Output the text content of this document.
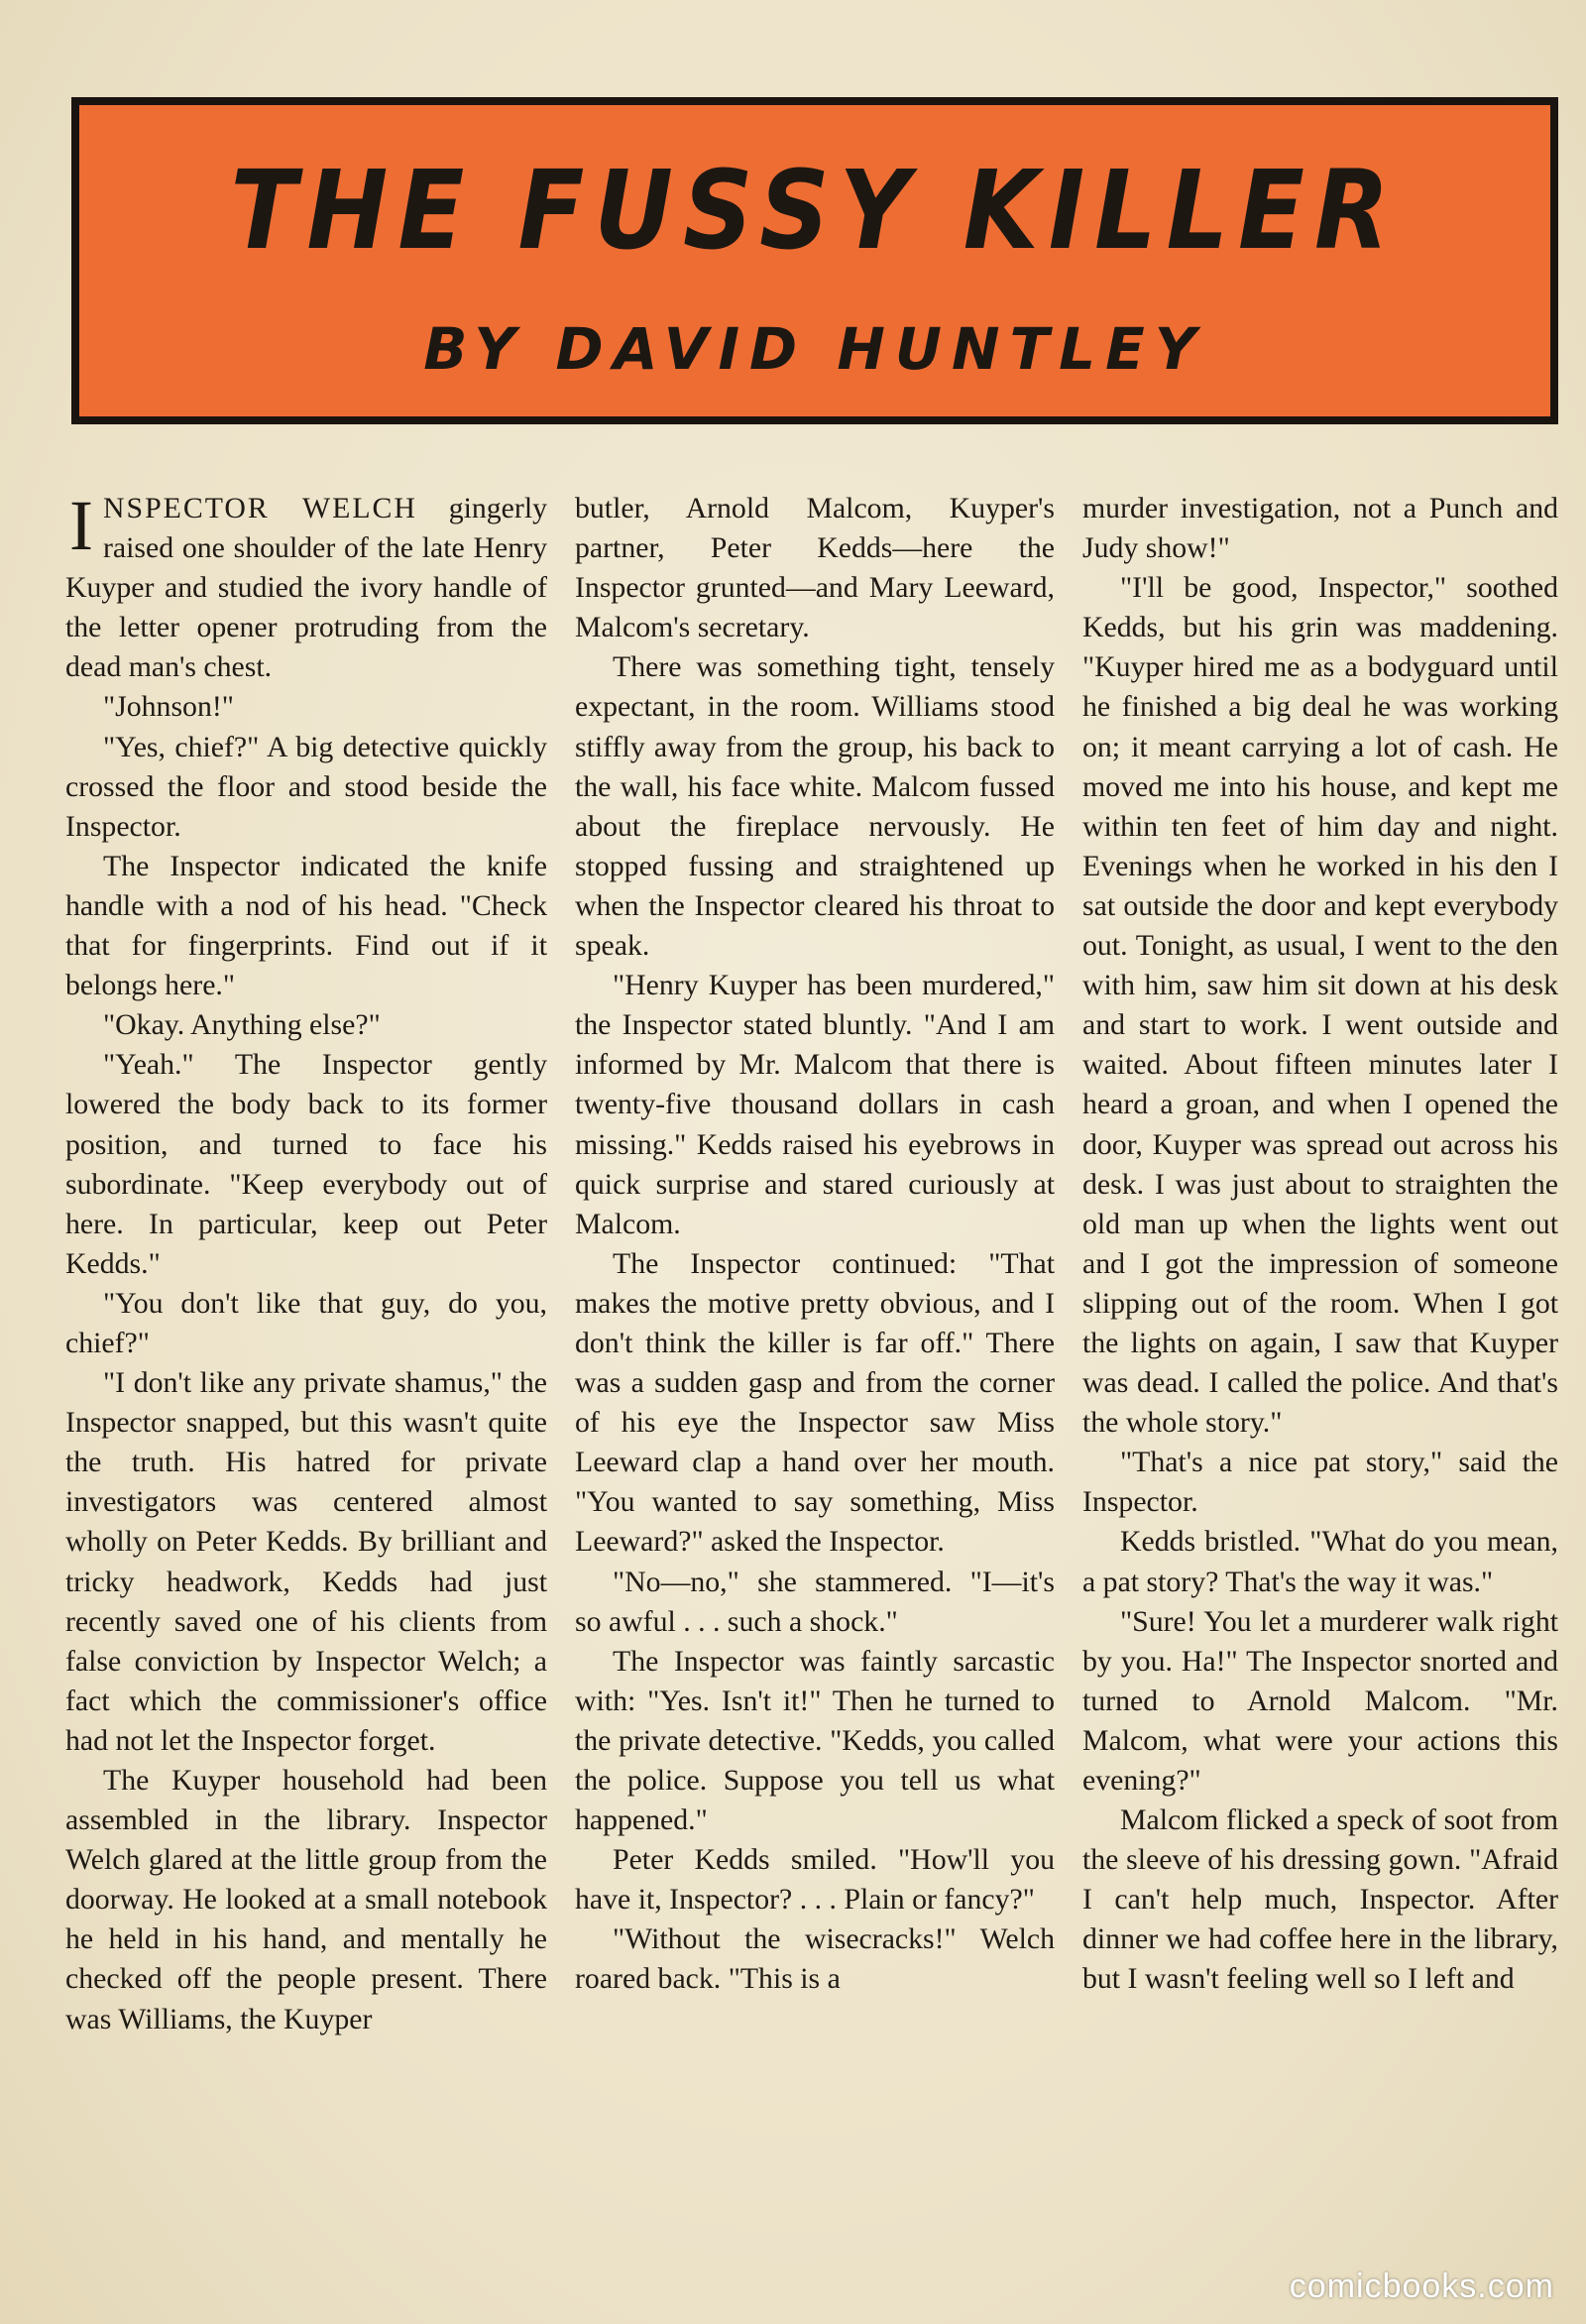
THE FUSSY KILLER
BY DAVID HUNTLEY

INSPECTOR WELCH gingerly raised one shoulder of the late Henry Kuyper and studied the ivory handle of the letter opener protruding from the dead man's chest.

"Johnson!"

"Yes, chief?" A big detective quickly crossed the floor and stood beside the Inspector.

The Inspector indicated the knife handle with a nod of his head. "Check that for fingerprints. Find out if it belongs here."

"Okay. Anything else?"

"Yeah." The Inspector gently lowered the body back to its former position, and turned to face his subordinate. "Keep everybody out of here. In particular, keep out Peter Kedds."

"You don't like that guy, do you, chief?"

"I don't like any private shamus," the Inspector snapped, but this wasn't quite the truth. His hatred for private investigators was centered almost wholly on Peter Kedds. By brilliant and tricky headwork, Kedds had just recently saved one of his clients from false conviction by Inspector Welch; a fact which the commissioner's office had not let the Inspector forget.

The Kuyper household had been assembled in the library. Inspector Welch glared at the little group from the doorway. He looked at a small notebook he held in his hand, and mentally he checked off the people present. There was Williams, the Kuyper

butler, Arnold Malcom, Kuyper's partner, Peter Kedds—here the Inspector grunted—and Mary Leeward, Malcom's secretary.

There was something tight, tensely expectant, in the room. Williams stood stiffly away from the group, his back to the wall, his face white. Malcom fussed about the fireplace nervously. He stopped fussing and straightened up when the Inspector cleared his throat to speak.

"Henry Kuyper has been murdered," the Inspector stated bluntly. "And I am informed by Mr. Malcom that there is twenty-five thousand dollars in cash missing." Kedds raised his eyebrows in quick surprise and stared curiously at Malcom.

The Inspector continued: "That makes the motive pretty obvious, and I don't think the killer is far off." There was a sudden gasp and from the corner of his eye the Inspector saw Miss Leeward clap a hand over her mouth. "You wanted to say something, Miss Leeward?" asked the Inspector.

"No—no," she stammered. "I—it's so awful . . . such a shock."

The Inspector was faintly sarcastic with: "Yes. Isn't it!" Then he turned to the private detective. "Kedds, you called the police. Suppose you tell us what happened."

Peter Kedds smiled. "How'll you have it, Inspector? . . . Plain or fancy?"

"Without the wisecracks!" Welch roared back. "This is a

murder investigation, not a Punch and Judy show!"

"I'll be good, Inspector," soothed Kedds, but his grin was maddening. "Kuyper hired me as a bodyguard until he finished a big deal he was working on; it meant carrying a lot of cash. He moved me into his house, and kept me within ten feet of him day and night. Evenings when he worked in his den I sat outside the door and kept everybody out. Tonight, as usual, I went to the den with him, saw him sit down at his desk and start to work. I went outside and waited. About fifteen minutes later I heard a groan, and when I opened the door, Kuyper was spread out across his desk. I was just about to straighten the old man up when the lights went out and I got the impression of someone slipping out of the room. When I got the lights on again, I saw that Kuyper was dead. I called the police. And that's the whole story."

"That's a nice pat story," said the Inspector.

Kedds bristled. "What do you mean, a pat story? That's the way it was."

"Sure! You let a murderer walk right by you. Ha!" The Inspector snorted and turned to Arnold Malcom. "Mr. Malcom, what were your actions this evening?"

Malcom flicked a speck of soot from the sleeve of his dressing gown. "Afraid I can't help much, Inspector. After dinner we had coffee here in the library, but I wasn't feeling well so I left and

comicbooks.com
